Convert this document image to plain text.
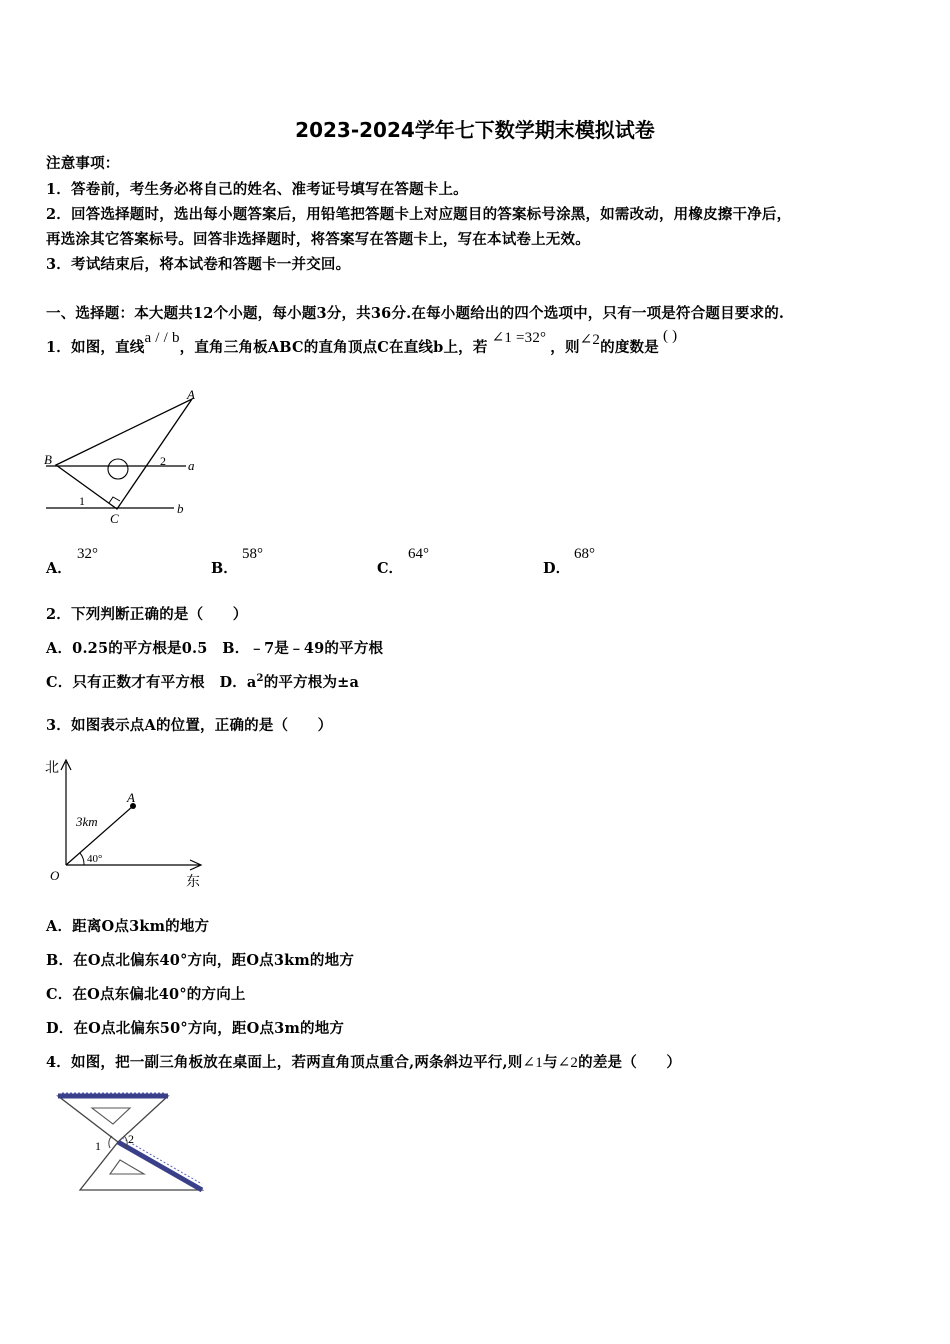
2023-2024学年七下数学期末模拟试卷
注意事项：
1．答卷前，考生务必将自己的姓名、准考证号填写在答题卡上。
2．回答选择题时，选出每小题答案后，用铅笔把答题卡上对应题目的答案标号涂黑，如需改动，用橡皮擦干净后，
再选涂其它答案标号。回答非选择题时，将答案写在答题卡上，写在本试卷上无效。
3．考试结束后，将本试卷和答题卡一并交回。
一、选择题：本大题共12个小题，每小题3分，共36分.在每小题给出的四个选项中，只有一项是符合题目要求的.
1．如图，直线a / / b，直角三角板ABC的直角顶点C在直线b上，若∠1 =32°，则∠2的度数是( )
A
B
C
a
b
1
2
A．
32°
B．
58°
C．
64°
D．
68°
2．下列判断正确的是（　　）
A．0.25的平方根是0.5　B．﹣7是﹣49的平方根
C．只有正数才有平方根　D．$a^2$的平方根为±a
3．如图表示点A的位置，正确的是（　　）
北
东
O
A
3km
40°
A．距离O点3km的地方
B．在O点北偏东40°方向，距O点3km的地方
C．在O点东偏北40°的方向上
D．在O点北偏东50°方向，距O点3m的地方
4．如图，把一副三角板放在桌面上，若两直角顶点重合,两条斜边平行,则∠1与∠2的差是（　　）
1 2
